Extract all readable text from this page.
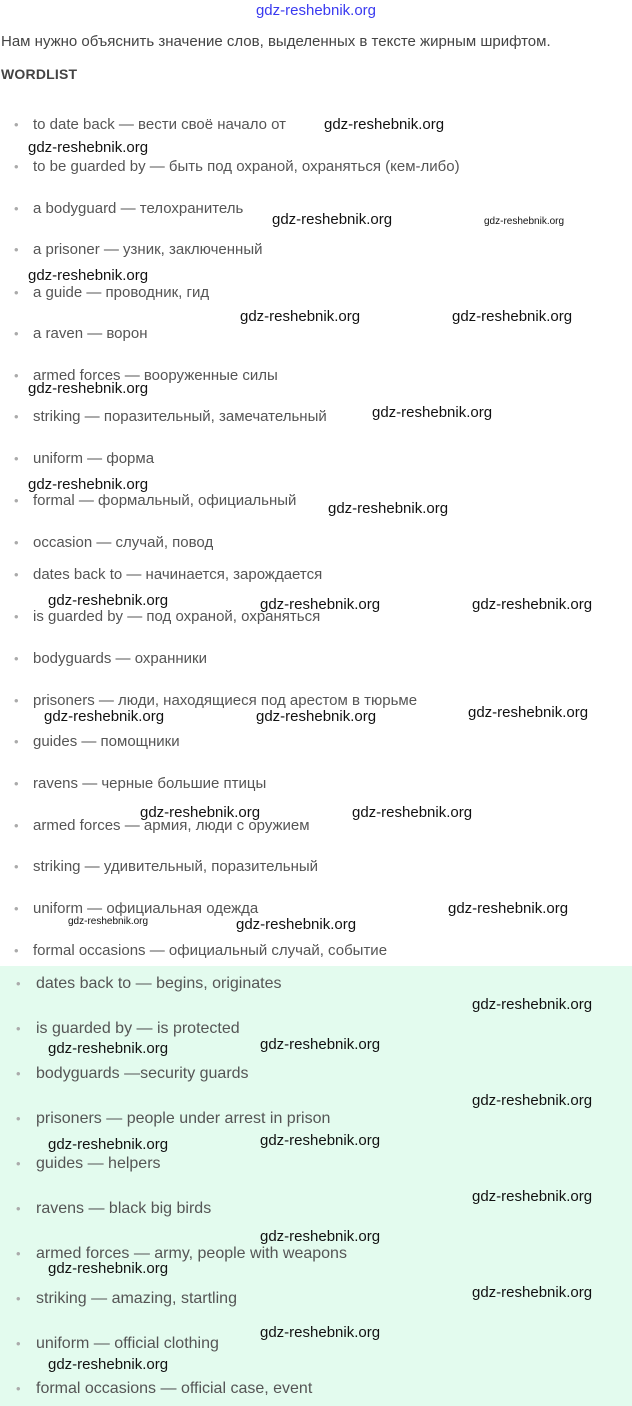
gdz-reshebnik.org
Нам нужно объяснить значение слов, выделенных в тексте жирным шрифтом.
WORDLIST
• to date back — вести своё начало от
• to be guarded by — быть под охраной, охраняться (кем-либо)
• a bodyguard — телохранитель
• a prisoner — узник, заключенный
• a guide — проводник, гид
• a raven — ворон
• armed forces — вооруженные силы
• striking — поразительный, замечательный
• uniform — форма
• formal — формальный, официальный
• occasion — случай, повод
• dates back to — начинается, зарождается
• is guarded by — под охраной, охраняться
• bodyguards — охранники
• prisoners — люди, находящиеся под арестом в тюрьме
• guides — помощники
• ravens — черные большие птицы
• armed forces — армия, люди с оружием
• striking — удивительный, поразительный
• uniform — официальная одежда
• formal occasions — официальный случай, событие
• dates back to — begins, originates
• is guarded by — is protected
• bodyguards —security guards
• prisoners — people under arrest in prison
• guides — helpers
• ravens — black big birds
• armed forces — army, people with weapons
• striking — amazing, startling
• uniform — official clothing
• formal occasions — official case, event
gdz-reshebnik.org
gdz-reshebnik.org
gdz-reshebnik.org	gdz-reshebnik.org
gdz-reshebnik.org
gdz-reshebnik.org	gdz-reshebnik.org
gdz-reshebnik.org
gdz-reshebnik.org
gdz-reshebnik.org
gdz-reshebnik.org
gdz-reshebnik.org	gdz-reshebnik.org	gdz-reshebnik.org
gdz-reshebnik.org	gdz-reshebnik.org	gdz-reshebnik.org
gdz-reshebnik.org	gdz-reshebnik.org
gdz-reshebnik.org
gdz-reshebnik.org	gdz-reshebnik.org
gdz-reshebnik.org
gdz-reshebnik.org
gdz-reshebnik.org
gdz-reshebnik.org
gdz-reshebnik.org
gdz-reshebnik.org
gdz-reshebnik.org
gdz-reshebnik.org
gdz-reshebnik.org
gdz-reshebnik.org
gdz-reshebnik.org
gdz-reshebnik.org
